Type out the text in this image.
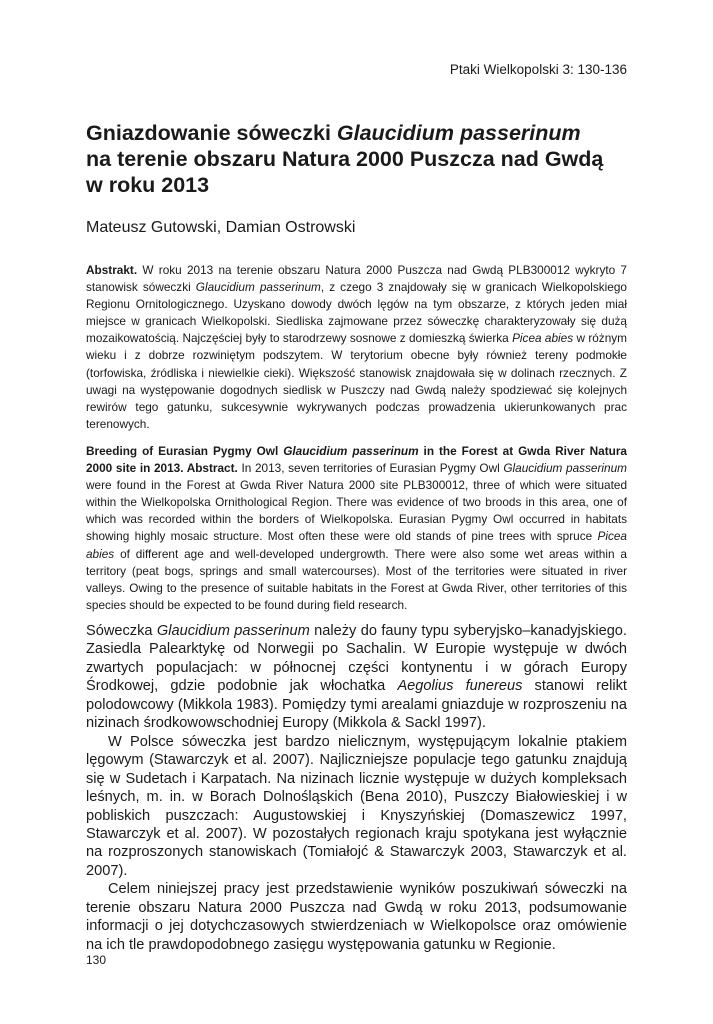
Ptaki Wielkopolski 3: 130-136
Gniazdowanie sóweczki Glaucidium passerinum
na terenie obszaru Natura 2000 Puszcza nad Gwdą
w roku 2013
Mateusz Gutowski, Damian Ostrowski

Abstrakt. W roku 2013 na terenie obszaru Natura 2000 Puszcza nad Gwdą PLB300012 wykryto 7 stanowisk sóweczki Glaucidium passerinum, z czego 3 znajdowały się w granicach Wielkopolskiego Regionu Ornitologicznego. Uzyskano dowody dwóch lęgów na tym obszarze, z których jeden miał miejsce w granicach Wielkopolski. Siedliska zajmowane przez sóweczkę charakteryzowały się dużą mozaikowatością. Najczęściej były to starodrzewy sosnowe z domieszką świerka Picea abies w różnym wieku i z dobrze rozwiniętym podszytem. W terytorium obecne były również tereny podmokłe (torfowiska, źródliska i niewielkie cieki). Większość stanowisk znajdowała się w dolinach rzecznych. Z uwagi na występowanie dogodnych siedlisk w Puszczy nad Gwdą należy spodziewać się kolejnych rewirów tego gatunku, sukcesywnie wykrywanych podczas prowadzenia ukierunkowanych prac terenowych.

Breeding of Eurasian Pygmy Owl Glaucidium passerinum in the Forest at Gwda River Natura 2000 site in 2013. Abstract. In 2013, seven territories of Eurasian Pygmy Owl Glaucidium passerinum were found in the Forest at Gwda River Natura 2000 site PLB300012, three of which were situated within the Wielkopolska Ornithological Region. There was evidence of two broods in this area, one of which was recorded within the borders of Wielkopolska. Eurasian Pygmy Owl occurred in habitats showing highly mosaic structure. Most often these were old stands of pine trees with spruce Picea abies of different age and well-developed undergrowth. There were also some wet areas within a territory (peat bogs, springs and small watercourses). Most of the territories were situated in river valleys. Owing to the presence of suitable habitats in the Forest at Gwda River, other territories of this species should be expected to be found during field research.

Sóweczka Glaucidium passerinum należy do fauny typu syberyjsko–kanadyjskiego. Zasiedla Palearktykę od Norwegii po Sachalin. W Europie występuje w dwóch zwartych populacjach: w północnej części kontynentu i w górach Europy Środkowej, gdzie podobnie jak włochatka Aegolius funereus stanowi relikt polodowcowy (Mikkola 1983). Pomiędzy tymi arealami gniazduje w rozproszeniu na nizinach środkowowschodniej Europy (Mikkola & Sackl 1997).

W Polsce sóweczka jest bardzo nielicznym, występującym lokalnie ptakiem lęgowym (Stawarczyk et al. 2007). Najliczniejsze populacje tego gatunku znajdują się w Sudetach i Karpatach. Na nizinach licznie występuje w dużych kompleksach leśnych, m. in. w Borach Dolnośląskich (Bena 2010), Puszczy Białowieskiej i w pobliskich puszczach: Augustowskiej i Knyszyńskiej (Domaszewicz 1997, Stawarczyk et al. 2007). W pozostałych regionach kraju spotykana jest wyłącznie na rozproszonych stanowiskach (Tomiałojć & Stawarczyk 2003, Stawarczyk et al. 2007).

Celem niniejszej pracy jest przedstawienie wyników poszukiwań sóweczki na terenie obszaru Natura 2000 Puszcza nad Gwdą w roku 2013, podsumowanie informacji o jej dotychczasowych stwierdzeniach w Wielkopolsce oraz omówienie na ich tle prawdopodobnego zasięgu występowania gatunku w Regionie.

130
